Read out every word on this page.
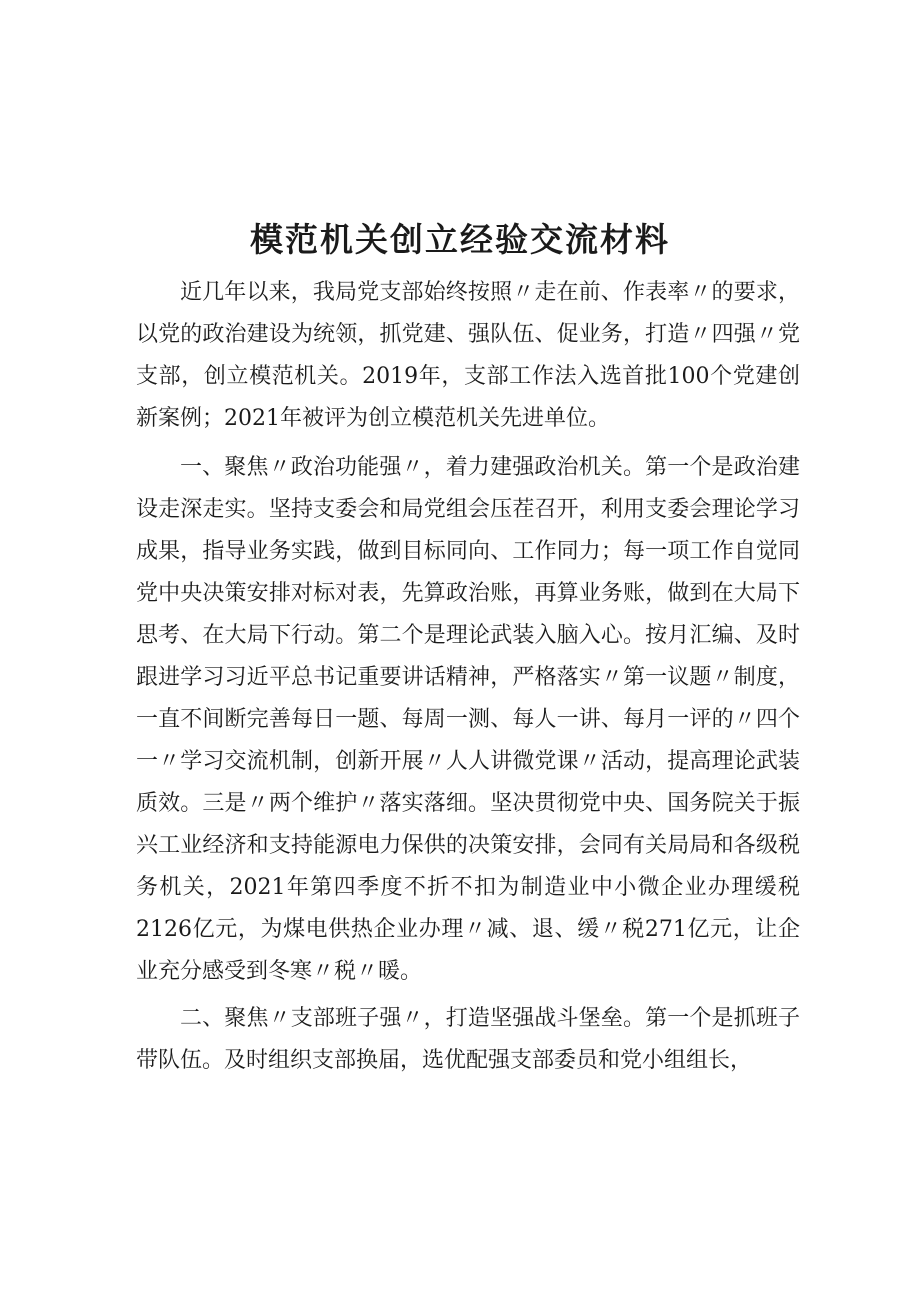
模范机关创立经验交流材料

近几年以来，我局党支部始终按照〃走在前、作表率〃的要求，以党的政治建设为统领，抓党建、强队伍、促业务，打造〃四强〃党支部，创立模范机关。2019年，支部工作法入选首批100个党建创新案例；2021年被评为创立模范机关先进单位。

一、聚焦〃政治功能强〃，着力建强政治机关。第一个是政治建设走深走实。坚持支委会和局党组会压茬召开，利用支委会理论学习成果，指导业务实践，做到目标同向、工作同力；每一项工作自觉同党中央决策安排对标对表，先算政治账，再算业务账，做到在大局下思考、在大局下行动。第二个是理论武装入脑入心。按月汇编、及时跟进学习习近平总书记重要讲话精神，严格落实〃第一议题〃制度，一直不间断完善每日一题、每周一测、每人一讲、每月一评的〃四个一〃学习交流机制，创新开展〃人人讲微党课〃活动，提高理论武装质效。三是〃两个维护〃落实落细。坚决贯彻党中央、国务院关于振兴工业经济和支持能源电力保供的决策安排，会同有关局局和各级税务机关，2021年第四季度不折不扣为制造业中小微企业办理缓税2126亿元，为煤电供热企业办理〃减、退、缓〃税271亿元，让企业充分感受到冬寒〃税〃暖。

二、聚焦〃支部班子强〃，打造坚强战斗堡垒。第一个是抓班子带队伍。及时组织支部换届，选优配强支部委员和党小组组长，
